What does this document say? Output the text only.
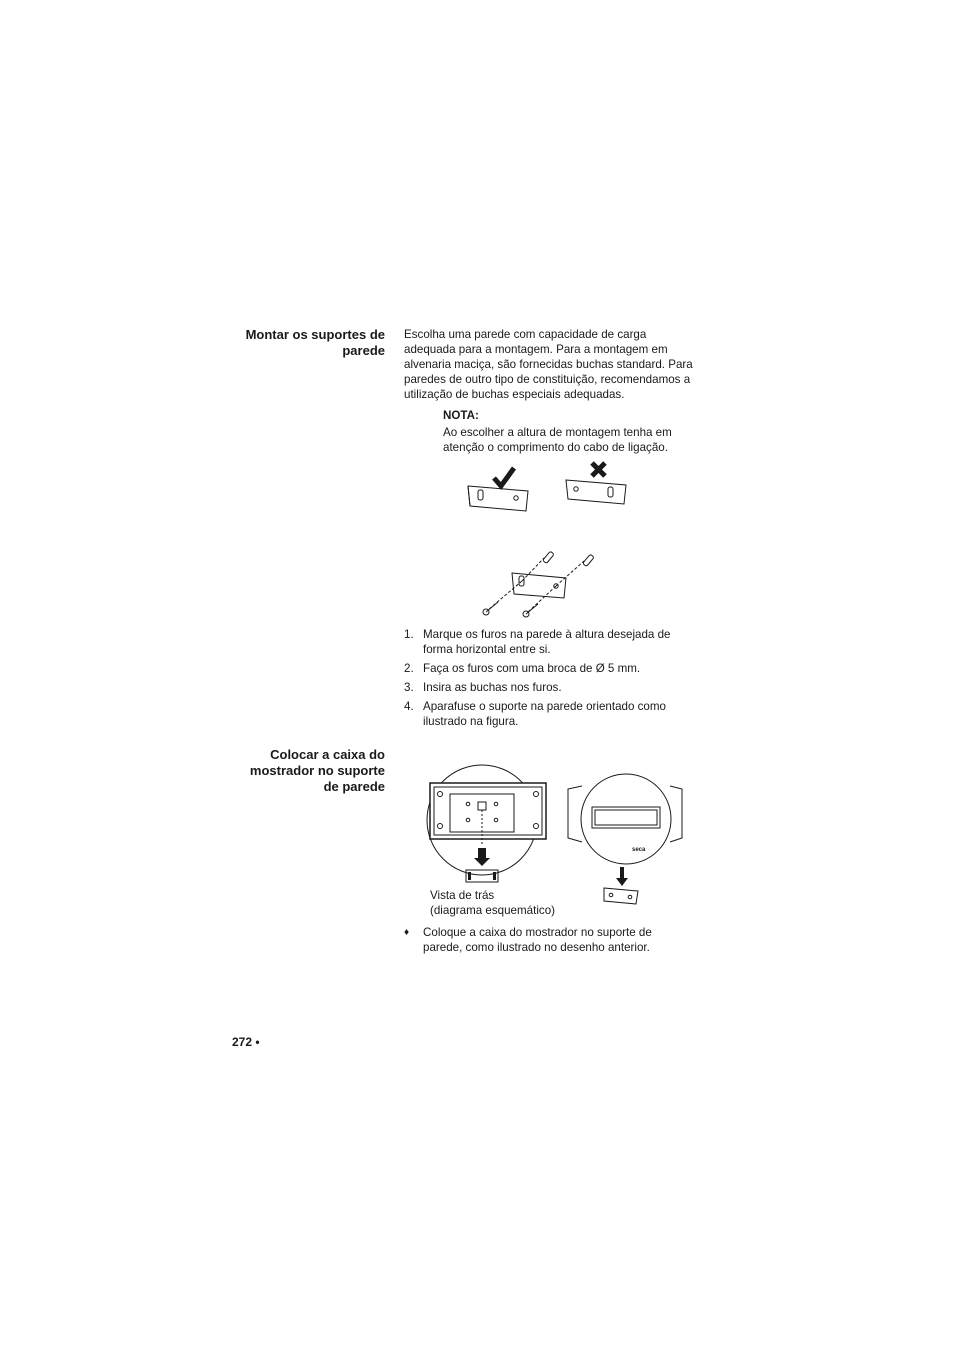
Montar os suportes de parede
Escolha uma parede com capacidade de carga adequada para a montagem. Para a montagem em alvenaria maciça, são fornecidas buchas standard. Para paredes de outro tipo de constituição, recomendamos a utilização de buchas especiais adequadas.
NOTA:
Ao escolher a altura de montagem tenha em atenção o comprimento do cabo de ligação.
1. Marque os furos na parede à altura desejada de forma horizontal entre si.
2. Faça os furos com uma broca de Ø 5 mm.
3. Insira as buchas nos furos.
4. Aparafuse o suporte na parede orientado como ilustrado na figura.
Colocar a caixa do mostrador no suporte de parede
seca
Vista de trás
(diagrama esquemático)
♦ Coloque a caixa do mostrador no suporte de parede, como ilustrado no desenho anterior.
272 •
